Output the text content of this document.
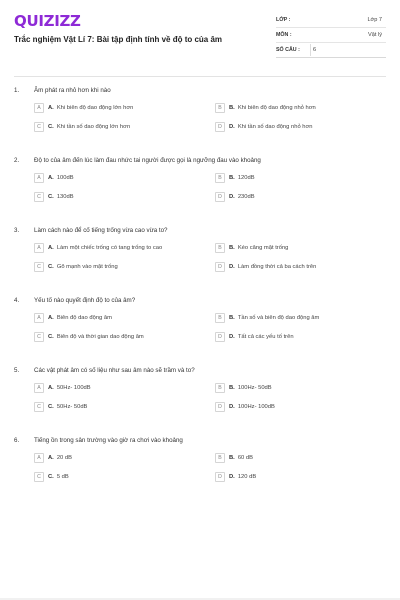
QUIZIZZ
Trắc nghiệm Vật Lí 7: Bài tập định tính về độ to của âm
LỚP :	Lớp 7
MÔN :	Vật lý
SỐ CÂU :	6
1.	Âm phát ra nhỏ hơn khi nào
A	A. Khi biên độ dao động lớn hơn	B	B. Khi biên độ dao động nhỏ hơn
C	C. Khi tần số dao động lớn hơn	D	D. Khi tần số dao động nhỏ hơn
2.	Độ to của âm đến lúc làm đau nhức tai người được gọi là ngưỡng đau vào khoảng
A	A. 100dB	B	B. 120dB
C	C. 130dB	D	D. 230dB
3.	Làm cách nào để cố tiếng trống vừa cao vừa to?
A	A. Làm một chiếc trống có tang trống to cao	B	B. Kéo căng mặt trống
C	C. Gõ mạnh vào mặt trống	D	D. Làm đồng thời cả ba cách trên
4.	Yếu tố nào quyết định độ to của âm?
A	A. Biên độ dao động âm	B	B. Tần số và biên độ dao động âm
C	C. Biên độ và thời gian dao động âm	D	D. Tất cả các yếu tố trên
5.	Các vật phát âm có số liệu như sau âm nào sẽ trầm và to?
A	A. 50Hz- 100dB	B	B. 100Hz- 50dB
C	C. 50Hz- 50dB	D	D. 100Hz- 100dB
6.	Tiếng ồn trong sân trường vào giờ ra chơi vào khoảng
A	A. 20 dB	B	B. 60 dB
C	C. 5 dB	D	D. 120 dB
